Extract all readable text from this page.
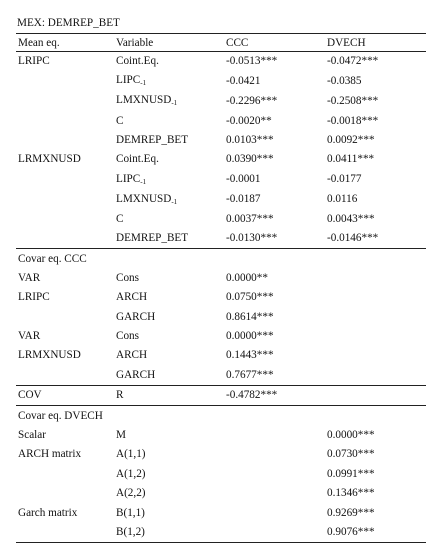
MEX: DEMREP_BET
Mean eq.	Variable	CCC	DVECH
LRIPC	Coint.Eq.	-0.0513***	-0.0472***
	LIPC-1	-0.0421	-0.0385
	LMXNUSD-1	-0.2296***	-0.2508***
	C	-0.0020**	-0.0018***
	DEMREP_BET	0.0103***	0.0092***
LRMXNUSD	Coint.Eq.	0.0390***	0.0411***
	LIPC-1	-0.0001	-0.0177
	LMXNUSD-1	-0.0187	0.0116
	C	0.0037***	0.0043***
	DEMREP_BET	-0.0130***	-0.0146***
Covar eq. CCC			
VAR	Cons	0.0000**	
LRIPC	ARCH	0.0750***	
	GARCH	0.8614***	
VAR	Cons	0.0000***	
LRMXNUSD	ARCH	0.1443***	
	GARCH	0.7677***	
COV	R	-0.4782***	
Covar eq. DVECH			
Scalar	M		0.0000***
ARCH matrix	A(1,1)		0.0730***
	A(1,2)		0.0991***
	A(2,2)		0.1346***
Garch matrix	B(1,1)		0.9269***
	B(1,2)		0.9076***
